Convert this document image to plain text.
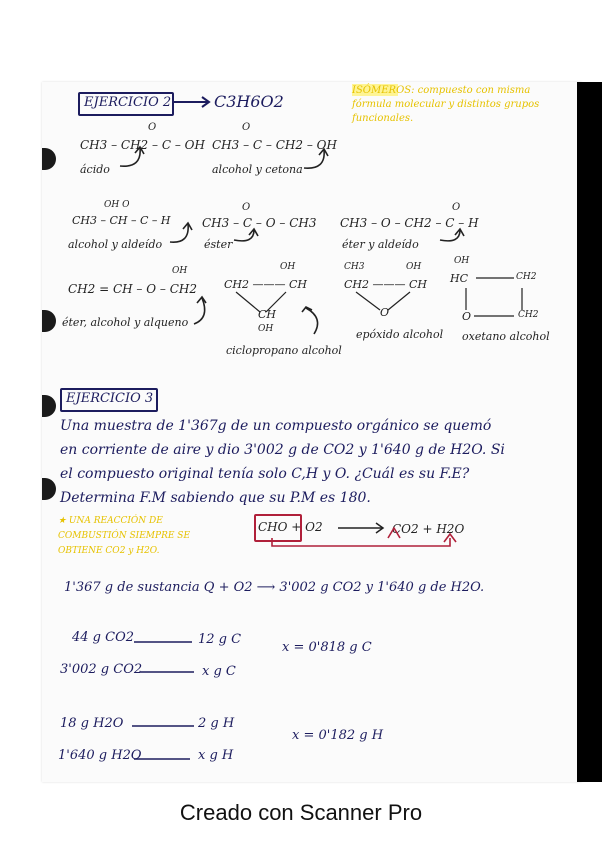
EJERCICIO 2	C3H6O2
ISÓMEROS: compuesto con misma fórmula molecular y distintos grupos funcionales.
O
CH3 – CH2 – C – OH
ácido
O
CH3 – C – CH2 – OH
alcohol y cetona
OH O
CH3 – CH – C – H
alcohol y aldeído
O
CH3 – C – O – CH3
éster
O
CH3 – O – CH2 – C – H
éter y aldeído
OH
CH2 = CH – O – CH2
éter, alcohol y alqueno
OH
CH2 ——— CH
CH
OH
ciclopropano alcohol
CH3	OH
CH2 ——— CH
O
epóxido alcohol
OH
HC	CH2
O	CH2
oxetano alcohol
EJERCICIO 3
Una muestra de 1'367g de un compuesto orgánico se quemó
en corriente de aire y dio 3'002 g de CO2 y 1'640 g de H2O. Si
el compuesto original tenía solo C,H y O. ¿Cuál es su F.E?
Determina F.M sabiendo que su P.M es 180.
★ UNA REACCIÓN DE COMBUSTIÓN SIEMPRE SE OBTIENE CO2 y H2O.
CHO + O2	CO2 + H2O
1'367 g de sustancia Q + O2 ⟶ 3'002 g CO2 y 1'640 g de H2O.
44 g CO2	12 g C
3'002 g CO2	x g C
x = 0'818 g C
18 g H2O	2 g H
1'640 g H2O	x g H
x = 0'182 g H
Creado con Scanner Pro
